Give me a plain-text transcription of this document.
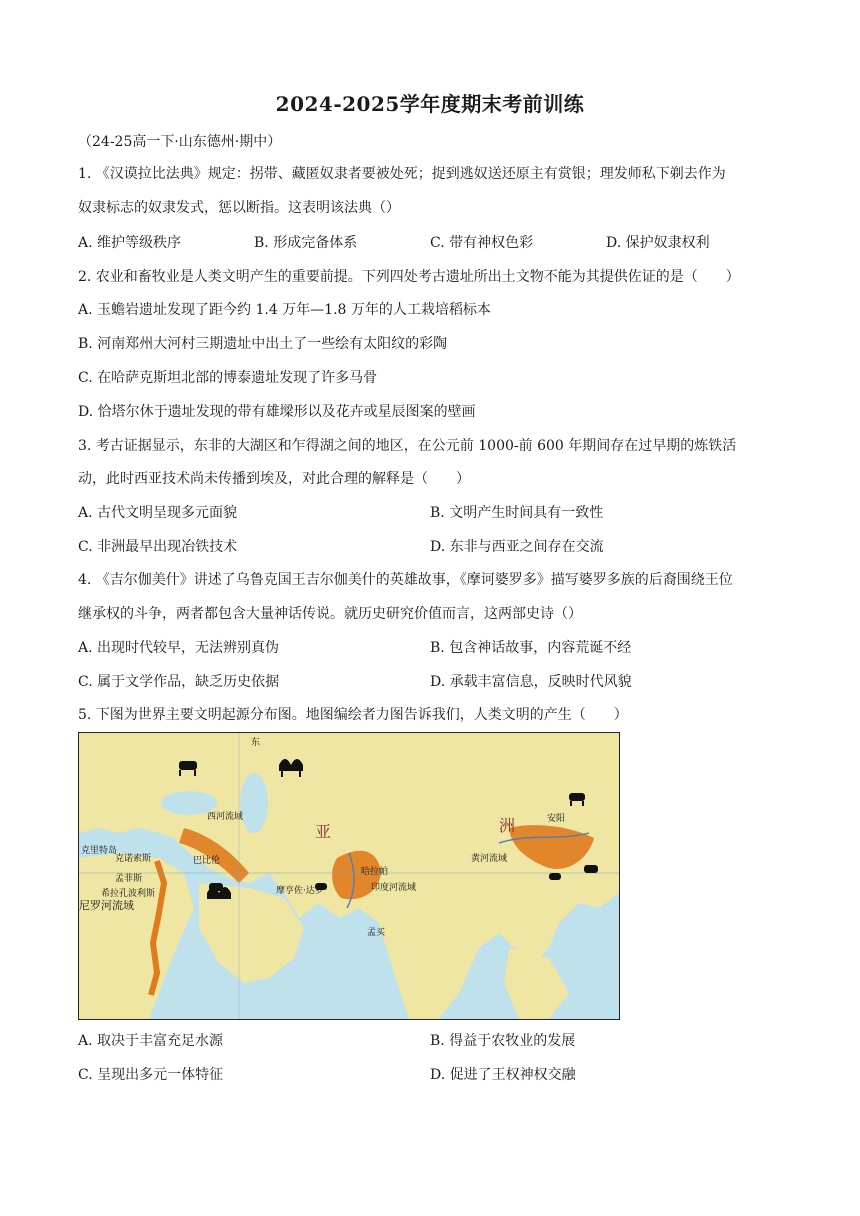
2024-2025学年度期末考前训练
（24-25高一下·山东德州·期中）
1. 《汉谟拉比法典》规定：拐带、藏匿奴隶者要被处死；捉到逃奴送还原主有赏银；理发师私下剃去作为
奴隶标志的奴隶发式，惩以断指。这表明该法典（）
A. 维护等级秩序	B. 形成完备体系	C. 带有神权色彩	D. 保护奴隶权利
2. 农业和畜牧业是人类文明产生的重要前提。下列四处考古遗址所出土文物不能为其提供佐证的是（　　）
A. 玉蟾岩遗址发现了距今约 1.4 万年—1.8 万年的人工栽培稻标本
B. 河南郑州大河村三期遗址中出土了一些绘有太阳纹的彩陶
C. 在哈萨克斯坦北部的博泰遗址发现了许多马骨
D. 恰塔尔休于遗址发现的带有雄墚形以及花卉或星辰图案的壁画
3. 考古证据显示，东非的大湖区和乍得湖之间的地区，在公元前 1000-前 600 年期间存在过早期的炼铁活
动，此时西亚技术尚未传播到埃及，对此合理的解释是（　　）
A. 古代文明呈现多元面貌	B. 文明产生时间具有一致性
C. 非洲最早出现冶铁技术	D. 东非与西亚之间存在交流
4. 《吉尔伽美什》讲述了乌鲁克国王吉尔伽美什的英雄故事，《摩诃婆罗多》描写婆罗多族的后裔围绕王位
继承权的斗争，两者都包含大量神话传说。就历史研究价值而言，这两部史诗（）
A. 出现时代较早，无法辨别真伪	B. 包含神话故事，内容荒诞不经
C. 属于文学作品，缺乏历史依据	D. 承载丰富信息，反映时代风貌
5. 下图为世界主要文明起源分布图。地图编绘者力图告诉我们，人类文明的产生（　　）
西河流域
亚	洲
黄河流域
印度河流域
哈拉帕
摩亨佐·达罗
孟买
克里特岛
克诺索斯	巴比伦
孟菲斯
希拉孔波利斯
尼罗河流域
安阳
东
A. 取决于丰富充足水源	B. 得益于农牧业的发展
C. 呈现出多元一体特征	D. 促进了王权神权交融
